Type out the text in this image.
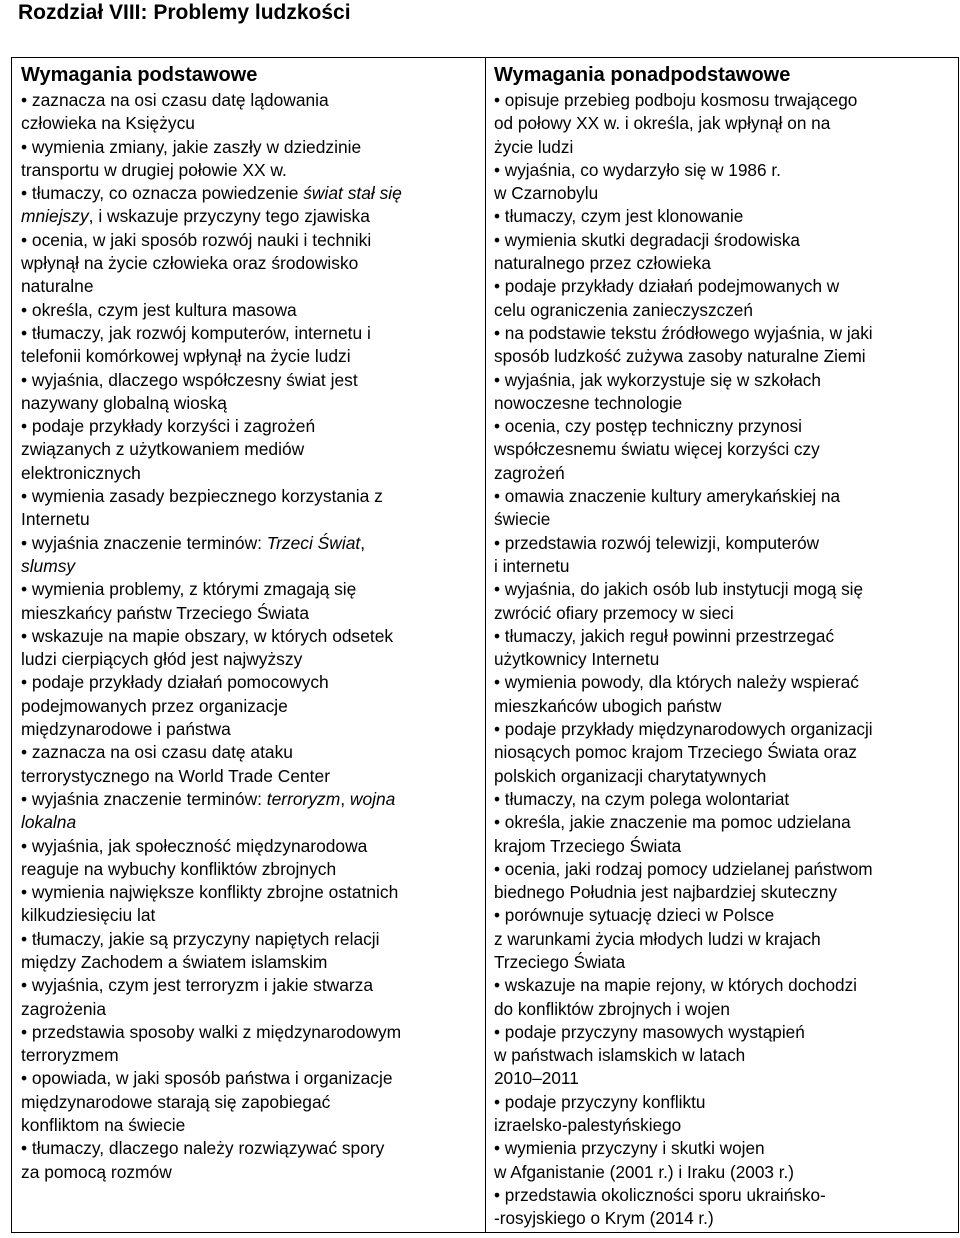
Rozdział VIII: Problemy ludzkości
Wymagania podstawowe
• zaznacza na osi czasu datę lądowania
człowieka na Księżycu
• wymienia zmiany, jakie zaszły w dziedzinie
transportu w drugiej połowie XX w.
• tłumaczy, co oznacza powiedzenie świat stał się
mniejszy, i wskazuje przyczyny tego zjawiska
• ocenia, w jaki sposób rozwój nauki i techniki
wpłynął na życie człowieka oraz środowisko
naturalne
• określa, czym jest kultura masowa
• tłumaczy, jak rozwój komputerów, internetu i
telefonii komórkowej wpłynął na życie ludzi
• wyjaśnia, dlaczego współczesny świat jest
nazywany globalną wioską
• podaje przykłady korzyści i zagrożeń
związanych z użytkowaniem mediów
elektronicznych
• wymienia zasady bezpiecznego korzystania z
Internetu
• wyjaśnia znaczenie terminów: Trzeci Świat,
slumsy
• wymienia problemy, z którymi zmagają się
mieszkańcy państw Trzeciego Świata
• wskazuje na mapie obszary, w których odsetek
ludzi cierpiących głód jest najwyższy
• podaje przykłady działań pomocowych
podejmowanych przez organizacje
międzynarodowe i państwa
• zaznacza na osi czasu datę ataku
terrorystycznego na World Trade Center
• wyjaśnia znaczenie terminów: terroryzm, wojna
lokalna
• wyjaśnia, jak społeczność międzynarodowa
reaguje na wybuchy konfliktów zbrojnych
• wymienia największe konflikty zbrojne ostatnich
kilkudziesięciu lat
• tłumaczy, jakie są przyczyny napiętych relacji
między Zachodem a światem islamskim
• wyjaśnia, czym jest terroryzm i jakie stwarza
zagrożenia
• przedstawia sposoby walki z międzynarodowym
terroryzmem
• opowiada, w jaki sposób państwa i organizacje
międzynarodowe starają się zapobiegać
konfliktom na świecie
• tłumaczy, dlaczego należy rozwiązywać spory
za pomocą rozmów

Wymagania ponadpodstawowe
• opisuje przebieg podboju kosmosu trwającego
od połowy XX w. i określa, jak wpłynął on na
życie ludzi
• wyjaśnia, co wydarzyło się w 1986 r.
w Czarnobylu
• tłumaczy, czym jest klonowanie
• wymienia skutki degradacji środowiska
naturalnego przez człowieka
• podaje przykłady działań podejmowanych w
celu ograniczenia zanieczyszczeń
• na podstawie tekstu źródłowego wyjaśnia, w jaki
sposób ludzkość zużywa zasoby naturalne Ziemi
• wyjaśnia, jak wykorzystuje się w szkołach
nowoczesne technologie
• ocenia, czy postęp techniczny przynosi
współczesnemu światu więcej korzyści czy
zagrożeń
• omawia znaczenie kultury amerykańskiej na
świecie
• przedstawia rozwój telewizji, komputerów
i internetu
• wyjaśnia, do jakich osób lub instytucji mogą się
zwrócić ofiary przemocy w sieci
• tłumaczy, jakich reguł powinni przestrzegać
użytkownicy Internetu
• wymienia powody, dla których należy wspierać
mieszkańców ubogich państw
• podaje przykłady międzynarodowych organizacji
niosących pomoc krajom Trzeciego Świata oraz
polskich organizacji charytatywnych
• tłumaczy, na czym polega wolontariat
• określa, jakie znaczenie ma pomoc udzielana
krajom Trzeciego Świata
• ocenia, jaki rodzaj pomocy udzielanej państwom
biednego Południa jest najbardziej skuteczny
• porównuje sytuację dzieci w Polsce
z warunkami życia młodych ludzi w krajach
Trzeciego Świata
• wskazuje na mapie rejony, w których dochodzi
do konfliktów zbrojnych i wojen
• podaje przyczyny masowych wystąpień
w państwach islamskich w latach
2010–2011
• podaje przyczyny konfliktu
izraelsko-palestyńskiego
• wymienia przyczyny i skutki wojen
w Afganistanie (2001 r.) i Iraku (2003 r.)
• przedstawia okoliczności sporu ukraińsko-
-rosyjskiego o Krym (2014 r.)
